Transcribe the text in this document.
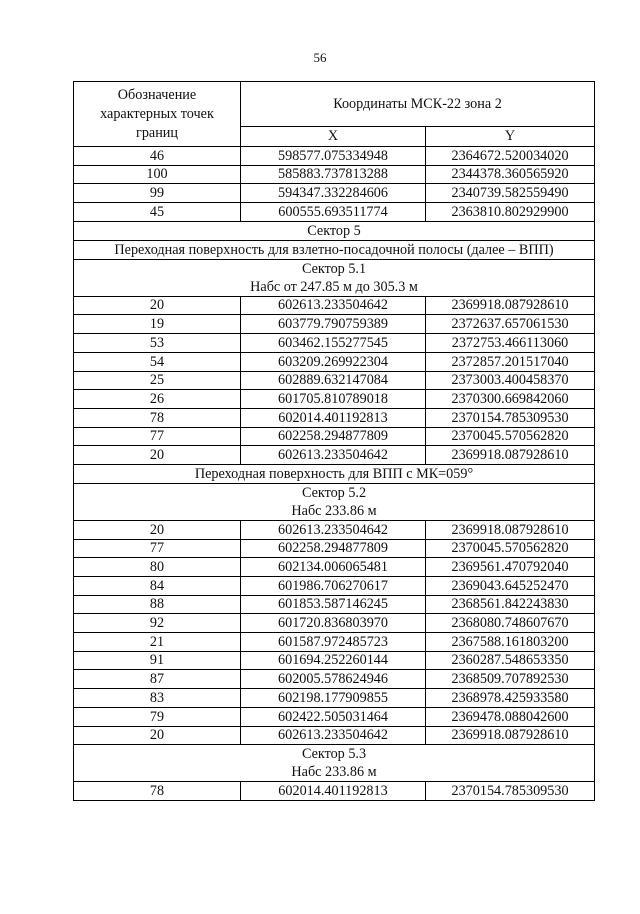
56
Обозначение
характерных точек
границ	Координаты МСК-22 зона 2	
	X	Y
46	598577.075334948	2364672.520034020
100	585883.737813288	2344378.360565920
99	594347.332284606	2340739.582559490
45	600555.693511774	2363810.802929900

Сектор 5		

Переходная поверхность для взлетно-посадочной полосы (далее – ВПП)		

Сектор 5.1
Набс от 247.85 м до 305.3 м		

20	602613.233504642	2369918.087928610
19	603779.790759389	2372637.657061530
53	603462.155277545	2372753.466113060
54	603209.269922304	2372857.201517040
25	602889.632147084	2373003.400458370
26	601705.810789018	2370300.669842060
78	602014.401192813	2370154.785309530
77	602258.294877809	2370045.570562820
20	602613.233504642	2369918.087928610

Переходная поверхность для ВПП с МК=059°		

Сектор 5.2
Набс 233.86 м		

20	602613.233504642	2369918.087928610
77	602258.294877809	2370045.570562820
80	602134.006065481	2369561.470792040
84	601986.706270617	2369043.645252470
88	601853.587146245	2368561.842243830
92	601720.836803970	2368080.748607670
21	601587.972485723	2367588.161803200
91	601694.252260144	2360287.548653350
87	602005.578624946	2368509.707892530
83	602198.177909855	2368978.425933580
79	602422.505031464	2369478.088042600
20	602613.233504642	2369918.087928610

Сектор 5.3
Набс 233.86 м		

78	602014.401192813	2370154.785309530
